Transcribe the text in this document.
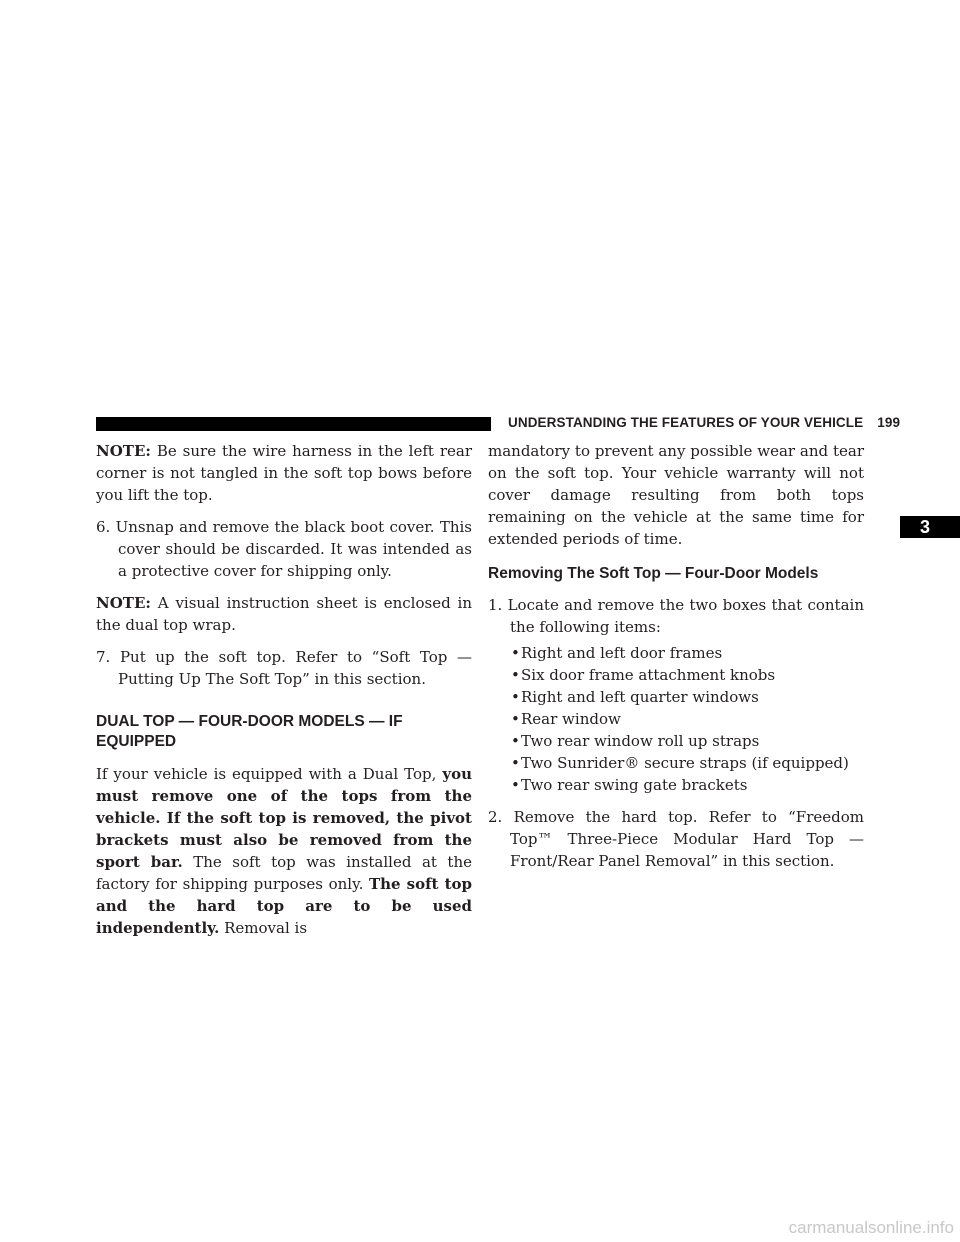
UNDERSTANDING THE FEATURES OF YOUR VEHICLE 199
3

NOTE: Be sure the wire harness in the left rear corner is not tangled in the soft top bows before you lift the top.

6. Unsnap and remove the black boot cover. This cover should be discarded. It was intended as a protective cover for shipping only.

NOTE: A visual instruction sheet is enclosed in the dual top wrap.

7. Put up the soft top. Refer to “Soft Top — Putting Up The Soft Top” in this section.

DUAL TOP — FOUR-DOOR MODELS — IF EQUIPPED

If your vehicle is equipped with a Dual Top, you must remove one of the tops from the vehicle. If the soft top is removed, the pivot brackets must also be removed from the sport bar. The soft top was installed at the factory for shipping purposes only. The soft top and the hard top are to be used independently. Removal is

mandatory to prevent any possible wear and tear on the soft top. Your vehicle warranty will not cover damage resulting from both tops remaining on the vehicle at the same time for extended periods of time.

Removing The Soft Top — Four-Door Models

1. Locate and remove the two boxes that contain the following items:

•Right and left door frames
•Six door frame attachment knobs
•Right and left quarter windows
•Rear window
•Two rear window roll up straps
•Two Sunrider® secure straps (if equipped)
•Two rear swing gate brackets

2. Remove the hard top. Refer to “Freedom Top™ Three-Piece Modular Hard Top — Front/Rear Panel Removal” in this section.

carmanualsonline.info
